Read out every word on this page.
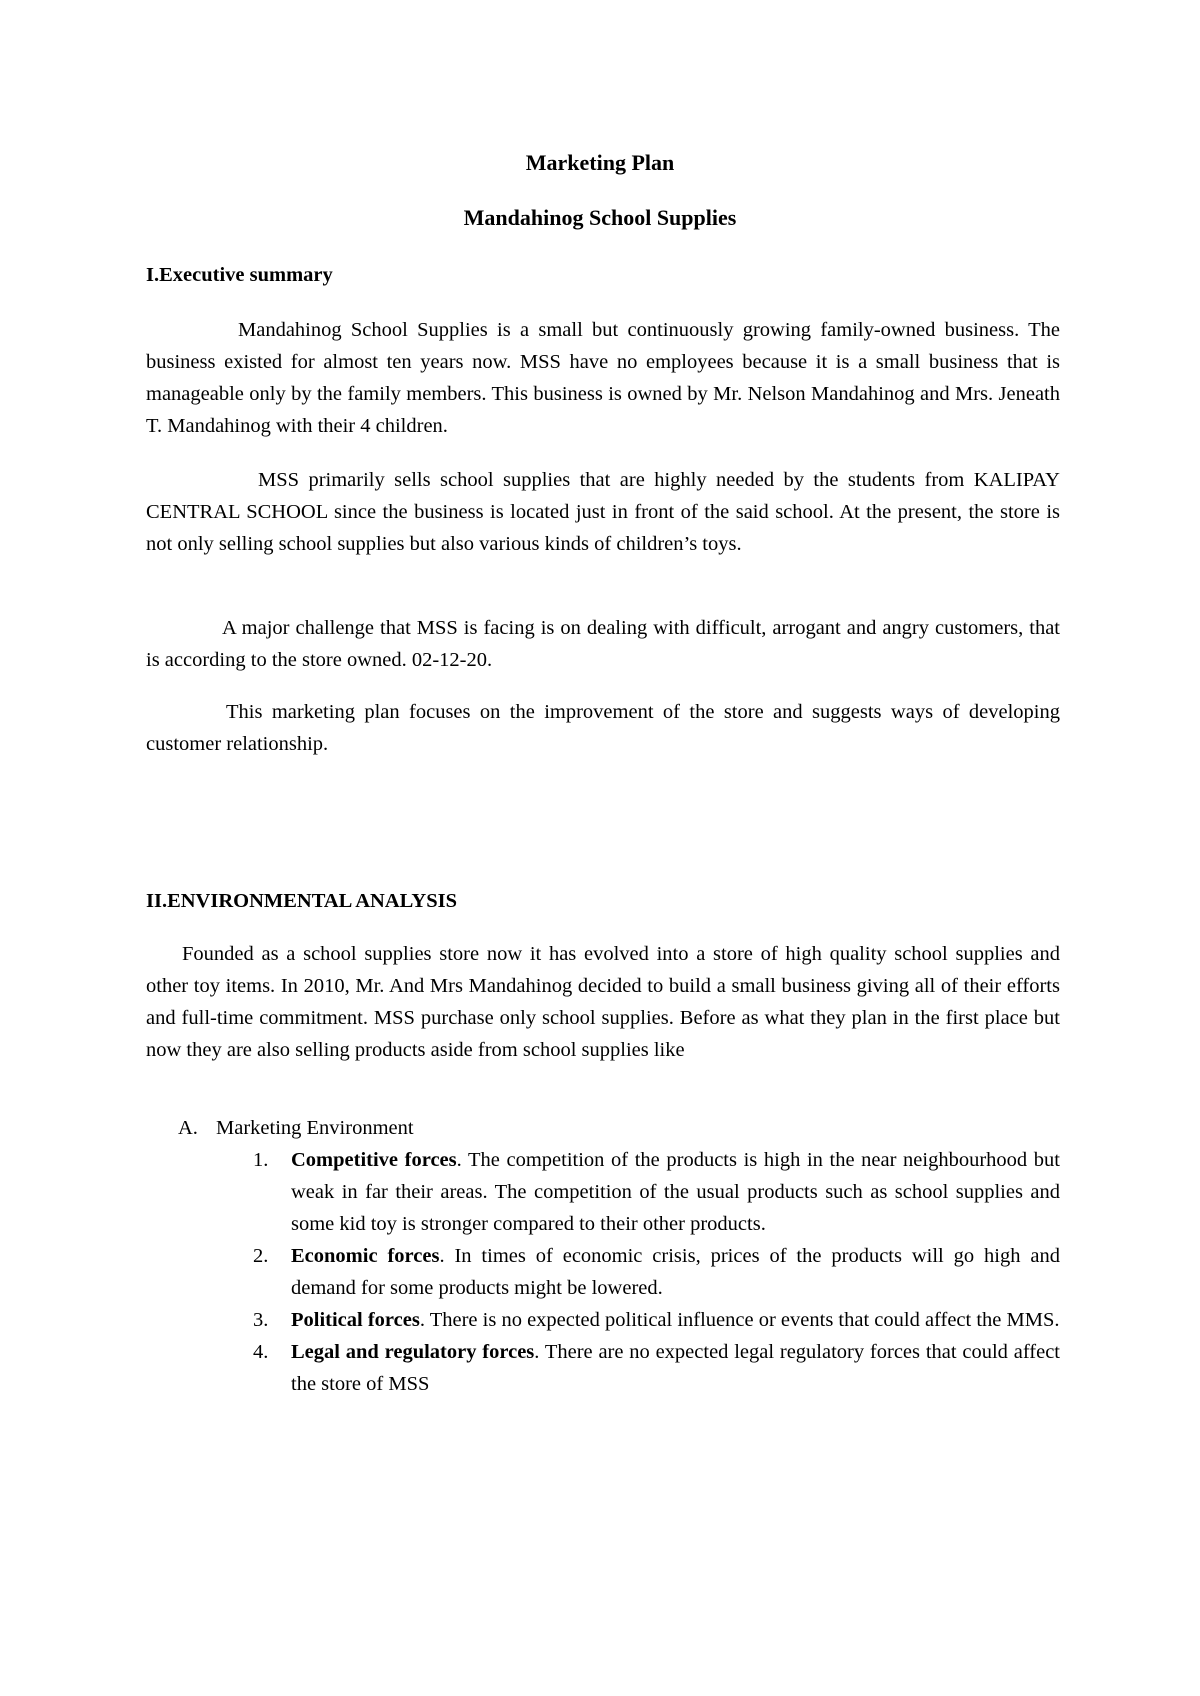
Marketing Plan
Mandahinog School Supplies
I.Executive summary

Mandahinog School Supplies is a small but continuously growing family-owned business. The business existed for almost ten years now. MSS have no employees because it is a small business that is manageable only by the family members. This business is owned by Mr. Nelson Mandahinog and Mrs. Jeneath T. Mandahinog with their 4 children.

MSS primarily sells school supplies that are highly needed by the students from KALIPAY CENTRAL SCHOOL since the business is located just in front of the said school. At the present, the store is not only selling school supplies but also various kinds of children’s toys.

A major challenge that MSS is facing is on dealing with difficult, arrogant and angry customers, that is according to the store owned. 02-12-20.

This marketing plan focuses on the improvement of the store and suggests ways of developing customer relationship.

II.ENVIRONMENTAL ANALYSIS

Founded as a school supplies store now it has evolved into a store of high quality school supplies and other toy items. In 2010, Mr. And Mrs Mandahinog decided to build a small business giving all of their efforts and full-time commitment. MSS purchase only school supplies. Before as what they plan in the first place but now they are also selling products aside from school supplies like

A. Marketing Environment
1. Competitive forces. The competition of the products is high in the near neighbourhood but weak in far their areas. The competition of the usual products such as school supplies and some kid toy is stronger compared to their other products.
2. Economic forces. In times of economic crisis, prices of the products will go high and demand for some products might be lowered.
3. Political forces. There is no expected political influence or events that could affect the MMS.
4. Legal and regulatory forces. There are no expected legal regulatory forces that could affect the store of MSS
